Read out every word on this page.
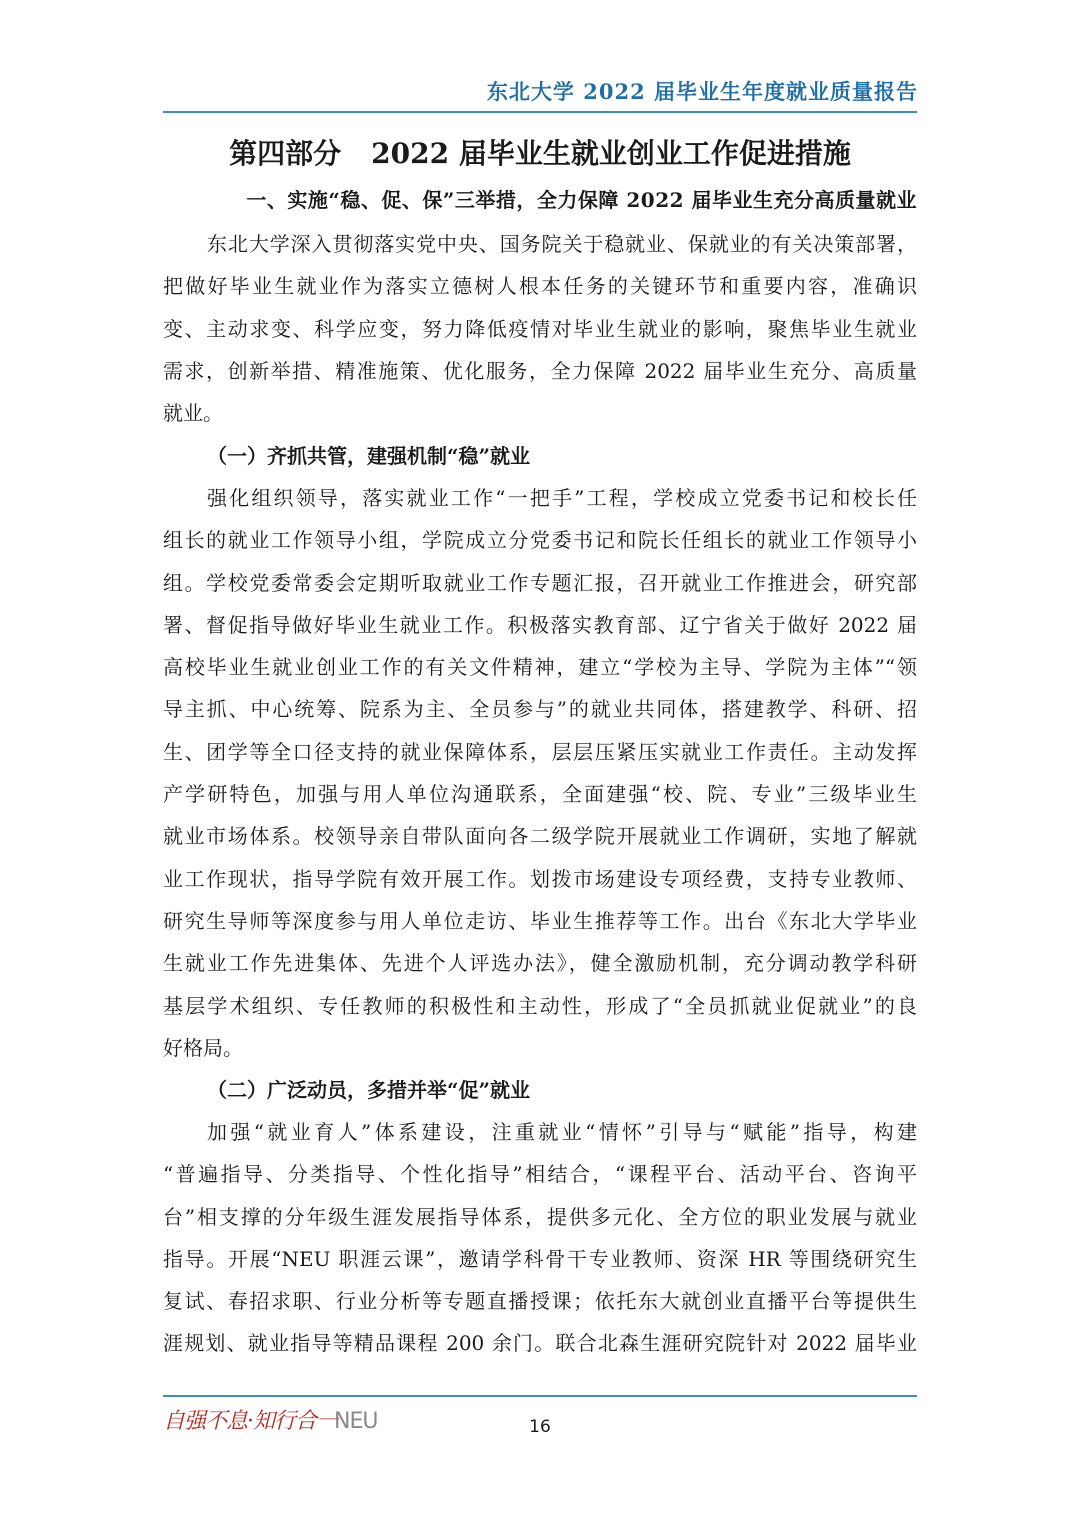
东北大学 2022 届毕业生年度就业质量报告
第四部分 2022 届毕业生就业创业工作促进措施
一、实施“稳、促、保”三举措，全力保障 2022 届毕业生充分高质量就业
东北大学深入贯彻落实党中央、国务院关于稳就业、保就业的有关决策部署，
把做好毕业生就业作为落实立德树人根本任务的关键环节和重要内容，准确识
变、主动求变、科学应变，努力降低疫情对毕业生就业的影响，聚焦毕业生就业
需求，创新举措、精准施策、优化服务，全力保障 2022 届毕业生充分、高质量
就业。
（一）齐抓共管，建强机制“稳”就业
强化组织领导，落实就业工作“一把手”工程，学校成立党委书记和校长任
组长的就业工作领导小组，学院成立分党委书记和院长任组长的就业工作领导小
组。学校党委常委会定期听取就业工作专题汇报，召开就业工作推进会，研究部
署、督促指导做好毕业生就业工作。积极落实教育部、辽宁省关于做好 2022 届
高校毕业生就业创业工作的有关文件精神，建立“学校为主导、学院为主体”“领
导主抓、中心统筹、院系为主、全员参与”的就业共同体，搭建教学、科研、招
生、团学等全口径支持的就业保障体系，层层压紧压实就业工作责任。主动发挥
产学研特色，加强与用人单位沟通联系，全面建强“校、院、专业”三级毕业生
就业市场体系。校领导亲自带队面向各二级学院开展就业工作调研，实地了解就
业工作现状，指导学院有效开展工作。划拨市场建设专项经费，支持专业教师、
研究生导师等深度参与用人单位走访、毕业生推荐等工作。出台《东北大学毕业
生就业工作先进集体、先进个人评选办法》，健全激励机制，充分调动教学科研
基层学术组织、专任教师的积极性和主动性，形成了“全员抓就业促就业”的良
好格局。
（二）广泛动员，多措并举“促”就业
加强“就业育人”体系建设，注重就业“情怀”引导与“赋能”指导，构建
“普遍指导、分类指导、个性化指导”相结合，“课程平台、活动平台、咨询平
台”相支撑的分年级生涯发展指导体系，提供多元化、全方位的职业发展与就业
指导。开展“NEU 职涯云课”，邀请学科骨干专业教师、资深 HR 等围绕研究生
复试、春招求职、行业分析等专题直播授课；依托东大就创业直播平台等提供生
涯规划、就业指导等精品课程 200 余门。联合北森生涯研究院针对 2022 届毕业
自强不息·知行合一NEU	16
